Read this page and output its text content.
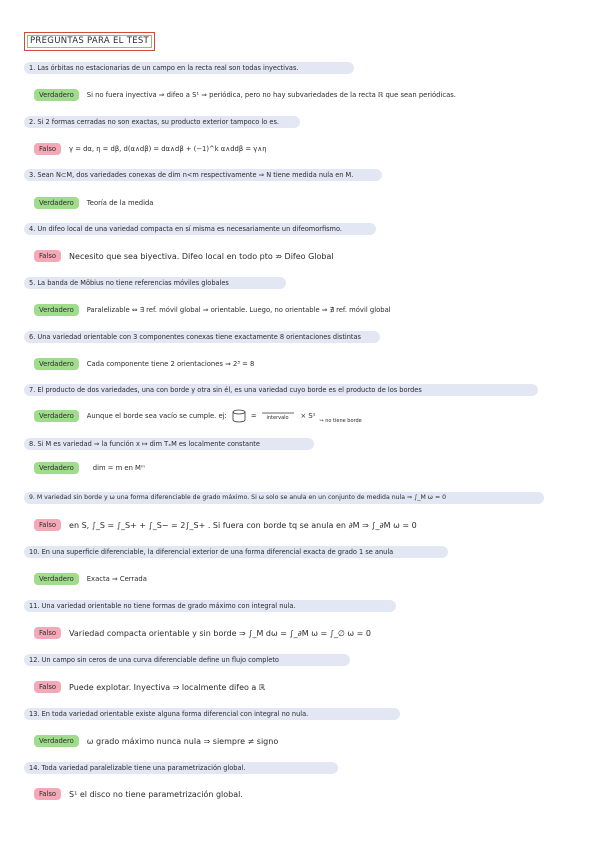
PREGUNTAS PARA EL TEST
1. Las órbitas no estacionarias de un campo en la recta real son todas inyectivas.
Verdadero	Si no fuera inyectiva ⇒ difeo a S¹ ⇒ periódica, pero no hay subvariedades de la recta ℝ que sean periódicas.
2. Si 2 formas cerradas no son exactas, su producto exterior tampoco lo es.
Falso	γ = dα, η = dβ, d(α∧dβ) = dα∧dβ + (−1)^k α∧ddβ = γ∧η
3. Sean N⊂M, dos variedades conexas de dim n<m respectivamente ⇒ N tiene medida nula en M.
Verdadero	Teoría de la medida
4. Un difeo local de una variedad compacta en sí misma es necesariamente un difeomorfismo.
Falso	Necesito que sea biyectiva. Difeo local en todo pto ⇏ Difeo Global
5. La banda de Möbius no tiene referencias móviles globales
Verdadero	Paralelizable ⇔ ∃ ref. móvil global ⇒ orientable. Luego, no orientable ⇒ ∄ ref. móvil global
6. Una variedad orientable con 3 componentes conexas tiene exactamente 8 orientaciones distintas
Verdadero	Cada componente tiene 2 orientaciones ⇒ 2³ = 8
7. El producto de dos variedades, una con borde y otra sin él, es una variedad cuyo borde es el producto de los bordes
Verdadero	Aunque el borde sea vacío se cumple. ej:	= intervalo × S¹
↪ no tiene borde
8. Si M es variedad ⇒ la función x ↦ dim TₓM es localmente constante
Verdadero	dim = m en Mᵐ
9. M variedad sin borde y ω una forma diferenciable de grado máximo. Si ω solo se anula en un conjunto de medida nula ⇒ ∫_M ω = 0
Falso	en S, ∫_S = ∫_S+ + ∫_S− = 2∫_S+ . Si fuera con borde tq se anula en ∂M ⇒ ∫_∂M ω = 0
10. En una superficie diferenciable, la diferencial exterior de una forma diferencial exacta de grado 1 se anula
Verdadero	Exacta ⇒ Cerrada
11. Una variedad orientable no tiene formas de grado máximo con integral nula.
Falso	Variedad compacta orientable y sin borde ⇒ ∫_M dω = ∫_∂M ω = ∫_∅ ω = 0
12. Un campo sin ceros de una curva diferenciable define un flujo completo
Falso	Puede explotar. Inyectiva ⇒ localmente difeo a ℝ
13. En toda variedad orientable existe alguna forma diferencial con integral no nula.
Verdadero	ω grado máximo nunca nula ⇒ siempre ≠ signo
14. Toda variedad paralelizable tiene una parametrización global.
Falso	S¹ el disco no tiene parametrización global.
